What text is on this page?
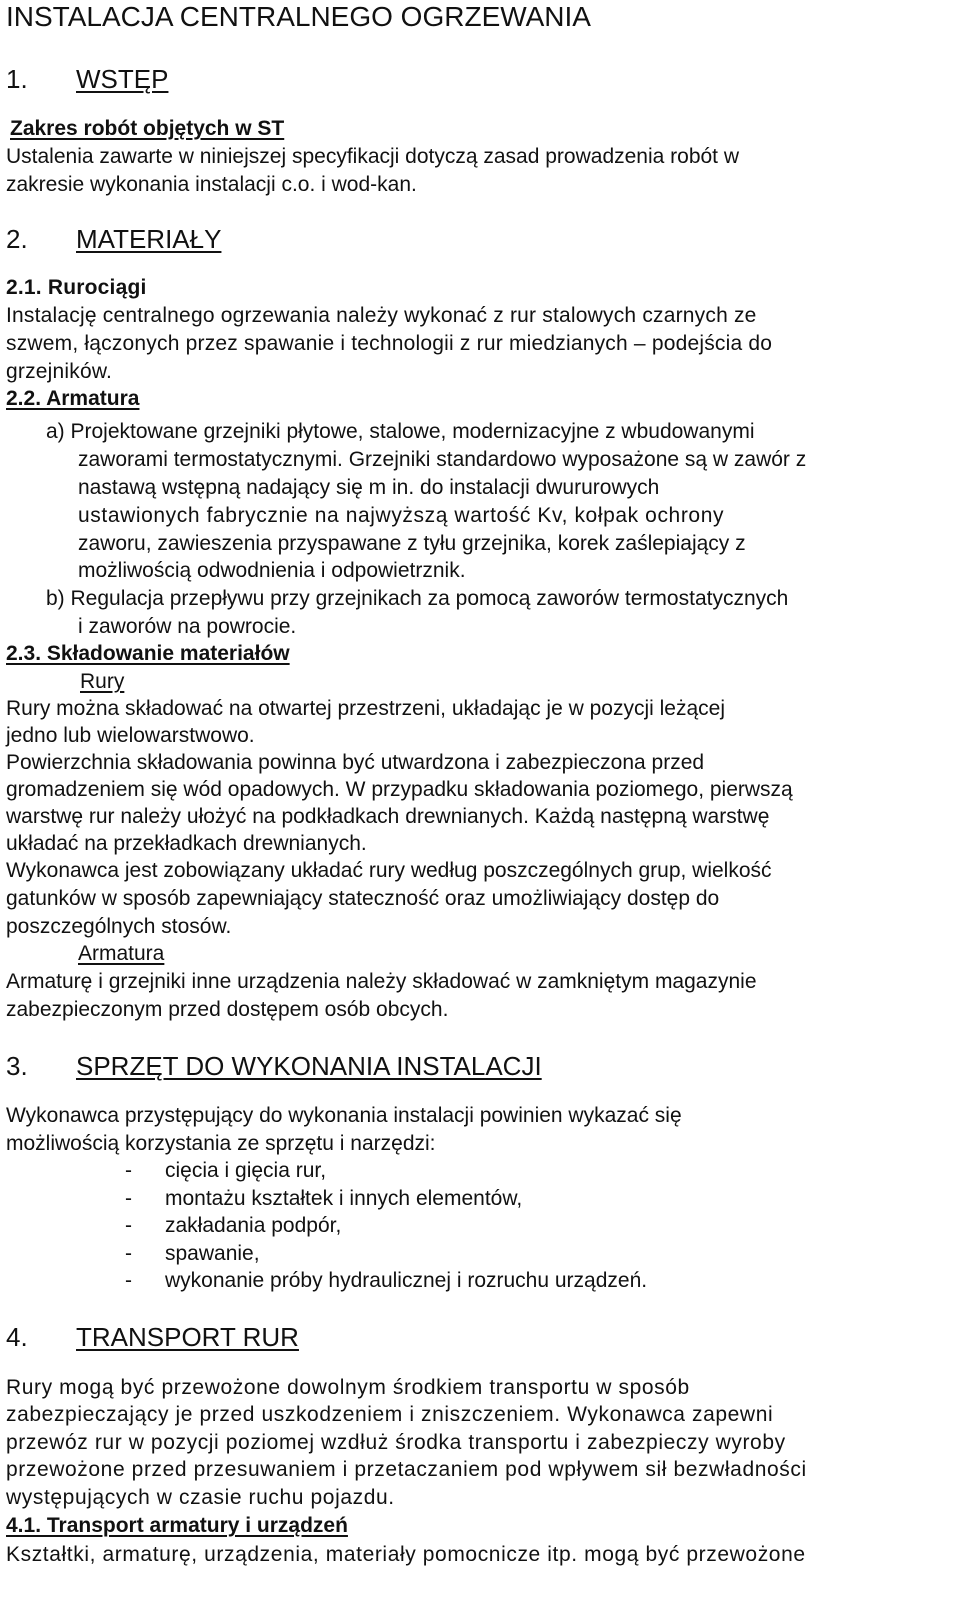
INSTALACJA CENTRALNEGO OGRZEWANIA
1. WSTĘP
Zakres robót objętych w ST
Ustalenia zawarte w niniejszej specyfikacji dotyczą zasad prowadzenia robót w
zakresie wykonania instalacji c.o. i wod-kan.
2. MATERIAŁY
2.1. Rurociągi
Instalację centralnego ogrzewania należy wykonać z rur stalowych czarnych ze
szwem, łączonych przez spawanie i technologii z rur miedzianych – podejścia do
grzejników.
2.2. Armatura
a) Projektowane grzejniki płytowe, stalowe, modernizacyjne z wbudowanymi
zaworami termostatycznymi. Grzejniki standardowo wyposażone są w zawór z
nastawą wstępną nadający się m in. do instalacji dwururowych
ustawionych fabrycznie na najwyższą wartość Kv, kołpak ochrony
zaworu, zawieszenia przyspawane z tyłu grzejnika, korek zaślepiający z
możliwością odwodnienia i odpowietrznik.
b) Regulacja przepływu przy grzejnikach za pomocą zaworów termostatycznych
i zaworów na powrocie.
2.3. Składowanie materiałów
Rury
Rury można składować na otwartej przestrzeni, układając je w pozycji leżącej
jedno lub wielowarstwowo.
Powierzchnia składowania powinna być utwardzona i zabezpieczona przed
gromadzeniem się wód opadowych. W przypadku składowania poziomego, pierwszą
warstwę rur należy ułożyć na podkładkach drewnianych. Każdą następną warstwę
układać na przekładkach drewnianych.
Wykonawca jest zobowiązany układać rury według poszczególnych grup, wielkość
gatunków w sposób zapewniający stateczność oraz umożliwiający dostęp do
poszczególnych stosów.
Armatura
Armaturę i grzejniki inne urządzenia należy składować w zamkniętym magazynie
zabezpieczonym przed dostępem osób obcych.
3. SPRZĘT DO WYKONANIA INSTALACJI
Wykonawca przystępujący do wykonania instalacji powinien wykazać się
możliwością korzystania ze sprzętu i narzędzi:
- cięcia i gięcia rur,
- montażu kształtek i innych elementów,
- zakładania podpór,
- spawanie,
- wykonanie próby hydraulicznej i rozruchu urządzeń.
4. TRANSPORT RUR
Rury mogą być przewożone dowolnym środkiem transportu w sposób
zabezpieczający je przed uszkodzeniem i zniszczeniem. Wykonawca zapewni
przewóz rur w pozycji poziomej wzdłuż środka transportu i zabezpieczy wyroby
przewożone przed przesuwaniem i przetaczaniem pod wpływem sił bezwładności
występujących w czasie ruchu pojazdu.
4.1. Transport armatury i urządzeń
Kształtki, armaturę, urządzenia, materiały pomocnicze itp. mogą być przewożone
